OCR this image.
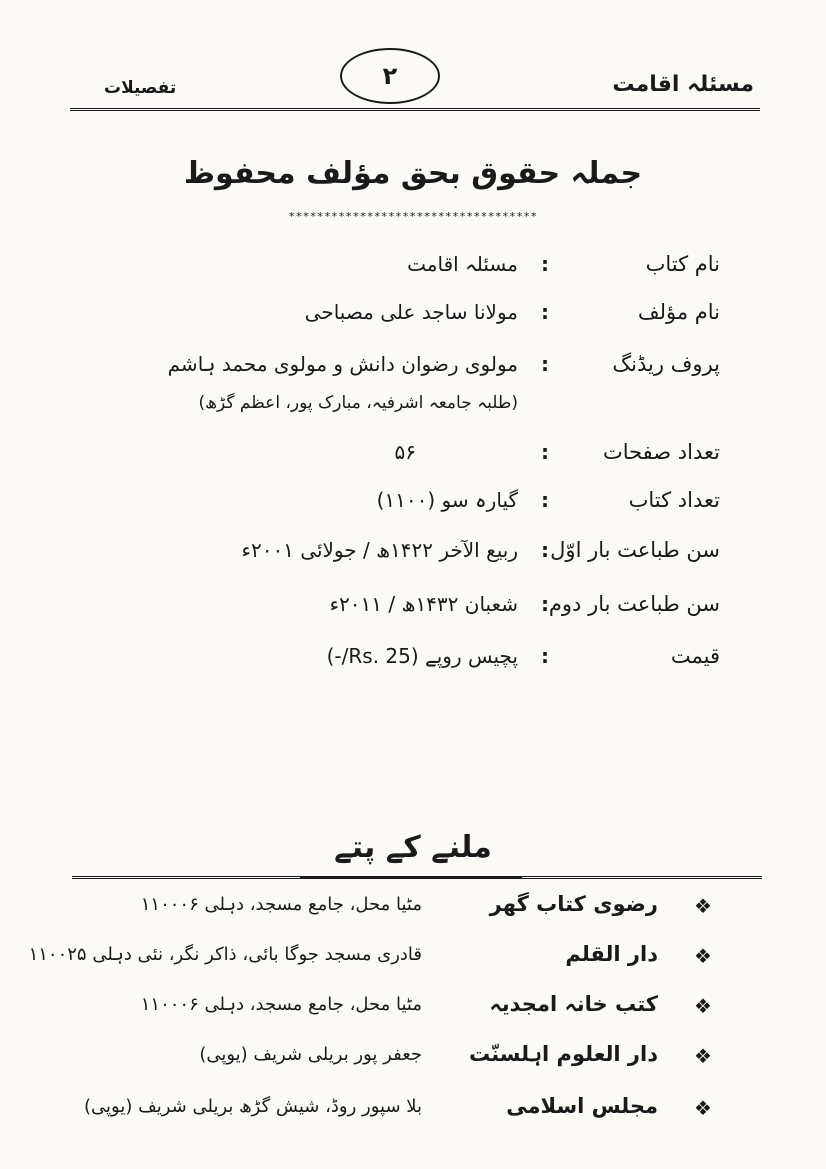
مسئلہ اقامت
۲
تفصیلات
جملہ حقوق بحق مؤلف محفوظ
***********************************
نام کتاب
:
مسئلہ اقامت
نام مؤلف
:
مولانا ساجد علی مصباحی
پروف ریڈنگ
:
مولوی رضوان دانش و مولوی محمد ہاشم
(طلبہ جامعہ اشرفیہ، مبارک پور، اعظم گڑھ)
تعداد صفحات
:
۵۶
تعداد کتاب
:
گیارہ سو (۱۱۰۰)
سن طباعت بار اوّل
:
ربیع الآخر ۱۴۲۲ھ / جولائی ۲۰۰۱ء
سن طباعت بار دوم
:
شعبان ۱۴۳۲ھ / ۲۰۱۱ء
قیمت
:
پچیس روپے (Rs. 25/-)
ملنے کے پتے
❖
رضوی کتاب گھر
مٹیا محل، جامع مسجد، دہلی ۱۱۰۰۰۶
❖
دار القلم
قادری مسجد جوگا بائی، ذاکر نگر، نئی دہلی ۱۱۰۰۲۵
❖
کتب خانہ امجدیہ
مٹیا محل، جامع مسجد، دہلی ۱۱۰۰۰۶
❖
دار العلوم اہلسنّت
جعفر پور بریلی شریف (یوپی)
❖
مجلس اسلامی
بلا سپور روڈ، شیش گڑھ بریلی شریف (یوپی)
